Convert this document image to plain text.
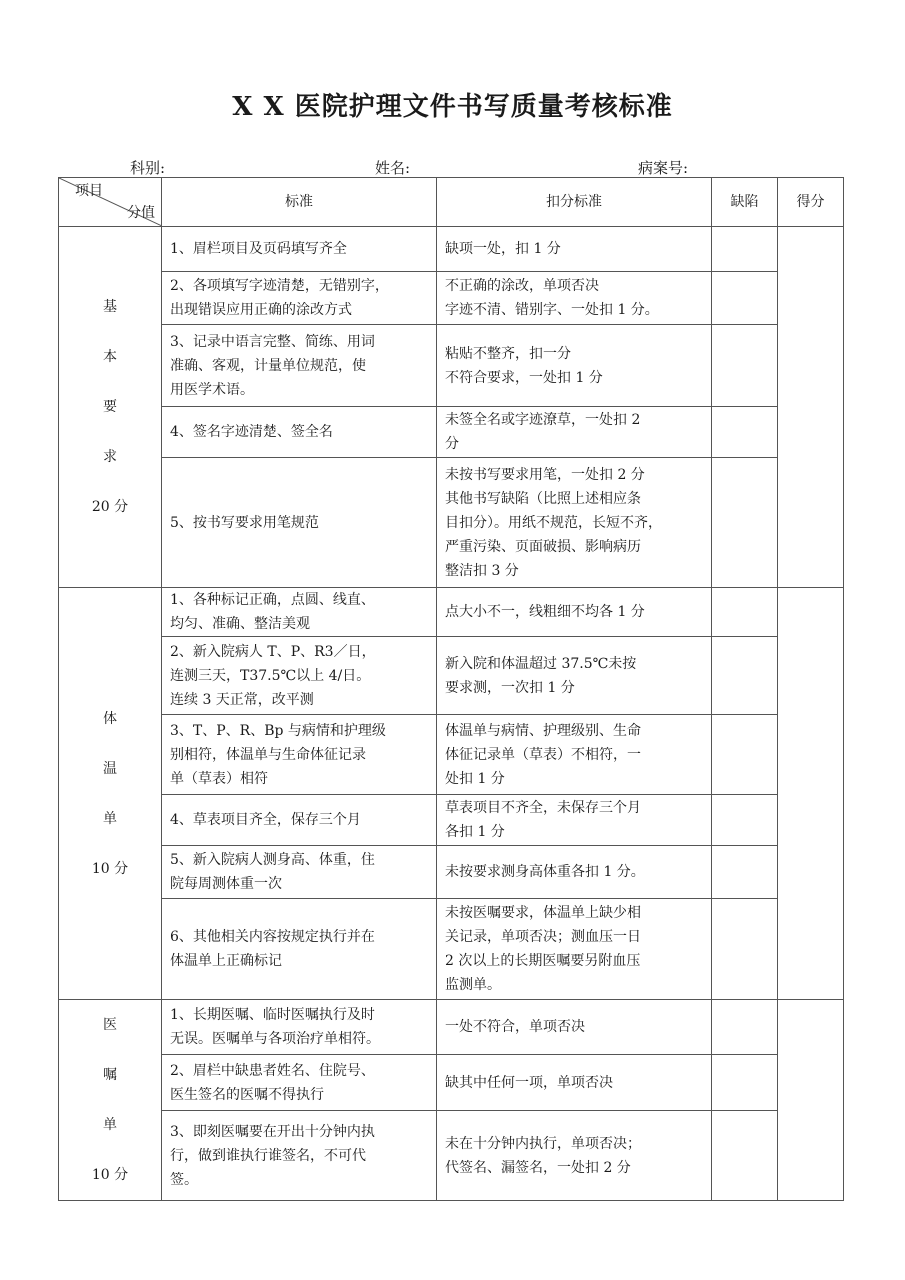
X X 医院护理文件书写质量考核标准
科别:	姓名:	病案号:
项目
分值	标准	扣分标准	缺陷	得分

基
本
要
求
20 分	1、眉栏项目及页码填写齐全	缺项一处，扣 1 分		

	2、各项填写字迹清楚，无错别字，
出现错误应用正确的涂改方式	不正确的涂改，单项否决
字迹不清、错别字、一处扣 1 分。		

	3、记录中语言完整、简练、用词
准确、客观，计量单位规范，使
用医学术语。	粘贴不整齐，扣一分
不符合要求，一处扣 1 分		

	4、签名字迹清楚、签全名	未签全名或字迹潦草，一处扣 2
分		

	5、按书写要求用笔规范	未按书写要求用笔，一处扣 2 分
其他书写缺陷（比照上述相应条
目扣分）。用纸不规范，长短不齐，
严重污染、页面破损、影响病历
整洁扣 3 分		

体
温
单
10 分	1、各种标记正确，点圆、线直、
均匀、准确、整洁美观	点大小不一，线粗细不均各 1 分		

	2、新入院病人 T、P、R3／日，
连测三天，T37.5℃以上 4/日。
连续 3 天正常，改平测	新入院和体温超过 37.5℃未按
要求测，一次扣 1 分		

	3、T、P、R、Bp 与病情和护理级
别相符，体温单与生命体征记录
单（草表）相符	体温单与病情、护理级别、生命
体征记录单（草表）不相符，一
处扣 1 分		

	4、草表项目齐全，保存三个月	草表项目不齐全，未保存三个月
各扣 1 分		

	5、新入院病人测身高、体重，住
院每周测体重一次	未按要求测身高体重各扣 1 分。		

	6、其他相关内容按规定执行并在
体温单上正确标记	未按医嘱要求，体温单上缺少相
关记录，单项否决；测血压一日
2 次以上的长期医嘱要另附血压
监测单。		

医
嘱
单
10 分	1、长期医嘱、临时医嘱执行及时
无误。医嘱单与各项治疗单相符。	一处不符合，单项否决		

	2、眉栏中缺患者姓名、住院号、
医生签名的医嘱不得执行	缺其中任何一项，单项否决		

	3、即刻医嘱要在开出十分钟内执
行，做到谁执行谁签名，不可代
签。	未在十分钟内执行，单项否决；
代签名、漏签名，一处扣 2 分		
